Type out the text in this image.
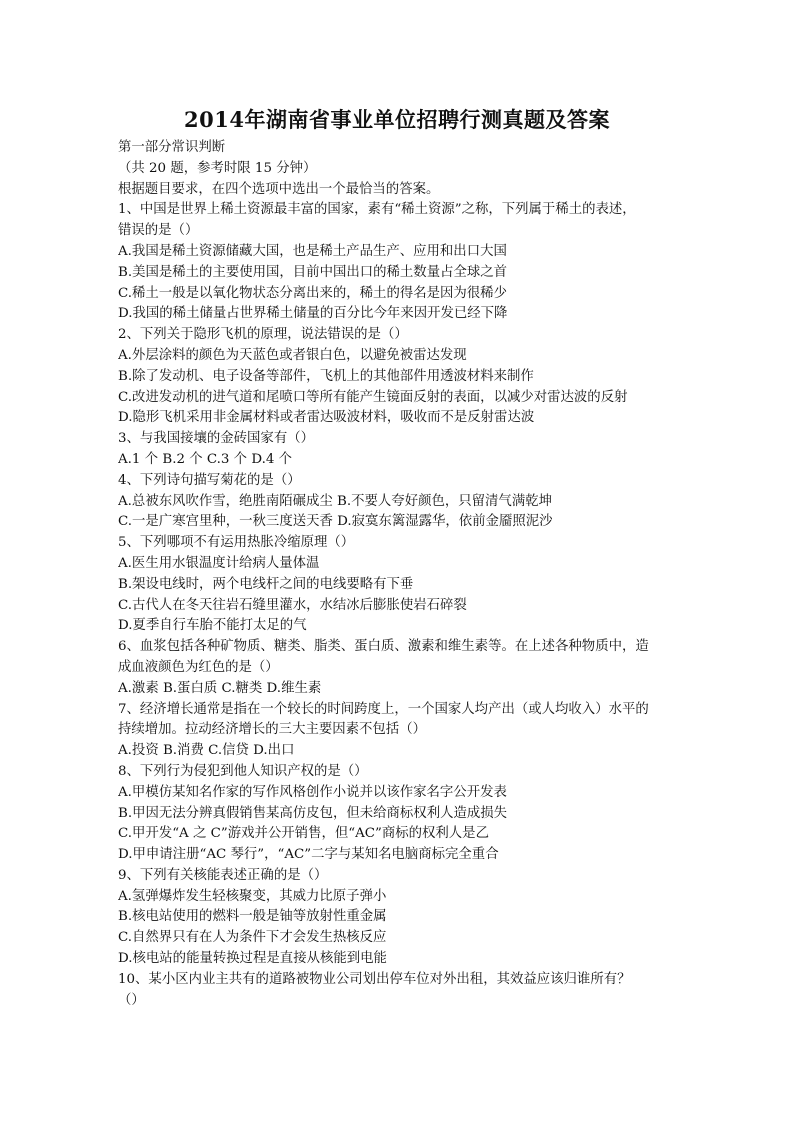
2014年湖南省事业单位招聘行测真题及答案
第一部分常识判断
（共 20 题，参考时限 15 分钟）
根据题目要求，在四个选项中选出一个最恰当的答案。
1、中国是世界上稀土资源最丰富的国家，素有“稀土资源”之称，下列属于稀土的表述，
错误的是（）
A.我国是稀土资源储藏大国，也是稀土产品生产、应用和出口大国
B.美国是稀土的主要使用国，目前中国出口的稀土数量占全球之首
C.稀土一般是以氧化物状态分离出来的，稀土的得名是因为很稀少
D.我国的稀土储量占世界稀土储量的百分比今年来因开发已经下降
2、下列关于隐形飞机的原理，说法错误的是（）
A.外层涂料的颜色为天蓝色或者银白色，以避免被雷达发现
B.除了发动机、电子设备等部件，飞机上的其他部件用透波材料来制作
C.改进发动机的进气道和尾喷口等所有能产生镜面反射的表面，以减少对雷达波的反射
D.隐形飞机采用非金属材料或者雷达吸波材料，吸收而不是反射雷达波
3、与我国接壤的金砖国家有（）
A.1 个 B.2 个 C.3 个 D.4 个
4、下列诗句描写菊花的是（）
A.总被东风吹作雪，绝胜南陌碾成尘 B.不要人夸好颜色，只留清气满乾坤
C.一是广寒宫里种，一秋三度送天香 D.寂寞东篱湿露华，依前金靥照泥沙
5、下列哪项不有运用热胀冷缩原理（）
A.医生用水银温度计给病人量体温
B.架设电线时，两个电线杆之间的电线要略有下垂
C.古代人在冬天往岩石缝里灌水，水结冰后膨胀使岩石碎裂
D.夏季自行车胎不能打太足的气
6、血浆包括各种矿物质、糖类、脂类、蛋白质、激素和维生素等。在上述各种物质中，造
成血液颜色为红色的是（）
A.激素 B.蛋白质 C.糖类 D.维生素
7、经济增长通常是指在一个较长的时间跨度上，一个国家人均产出（或人均收入）水平的
持续增加。拉动经济增长的三大主要因素不包括（）
A.投资 B.消费 C.信贷 D.出口
8、下列行为侵犯到他人知识产权的是（）
A.甲模仿某知名作家的写作风格创作小说并以该作家名字公开发表
B.甲因无法分辨真假销售某高仿皮包，但未给商标权利人造成损失
C.甲开发“A 之 C”游戏并公开销售，但“AC”商标的权利人是乙
D.甲申请注册“AC 琴行”，“AC”二字与某知名电脑商标完全重合
9、下列有关核能表述正确的是（）
A.氢弹爆炸发生轻核聚变，其威力比原子弹小
B.核电站使用的燃料一般是铀等放射性重金属
C.自然界只有在人为条件下才会发生热核反应
D.核电站的能量转换过程是直接从核能到电能
10、某小区内业主共有的道路被物业公司划出停车位对外出租，其效益应该归谁所有？
（）
